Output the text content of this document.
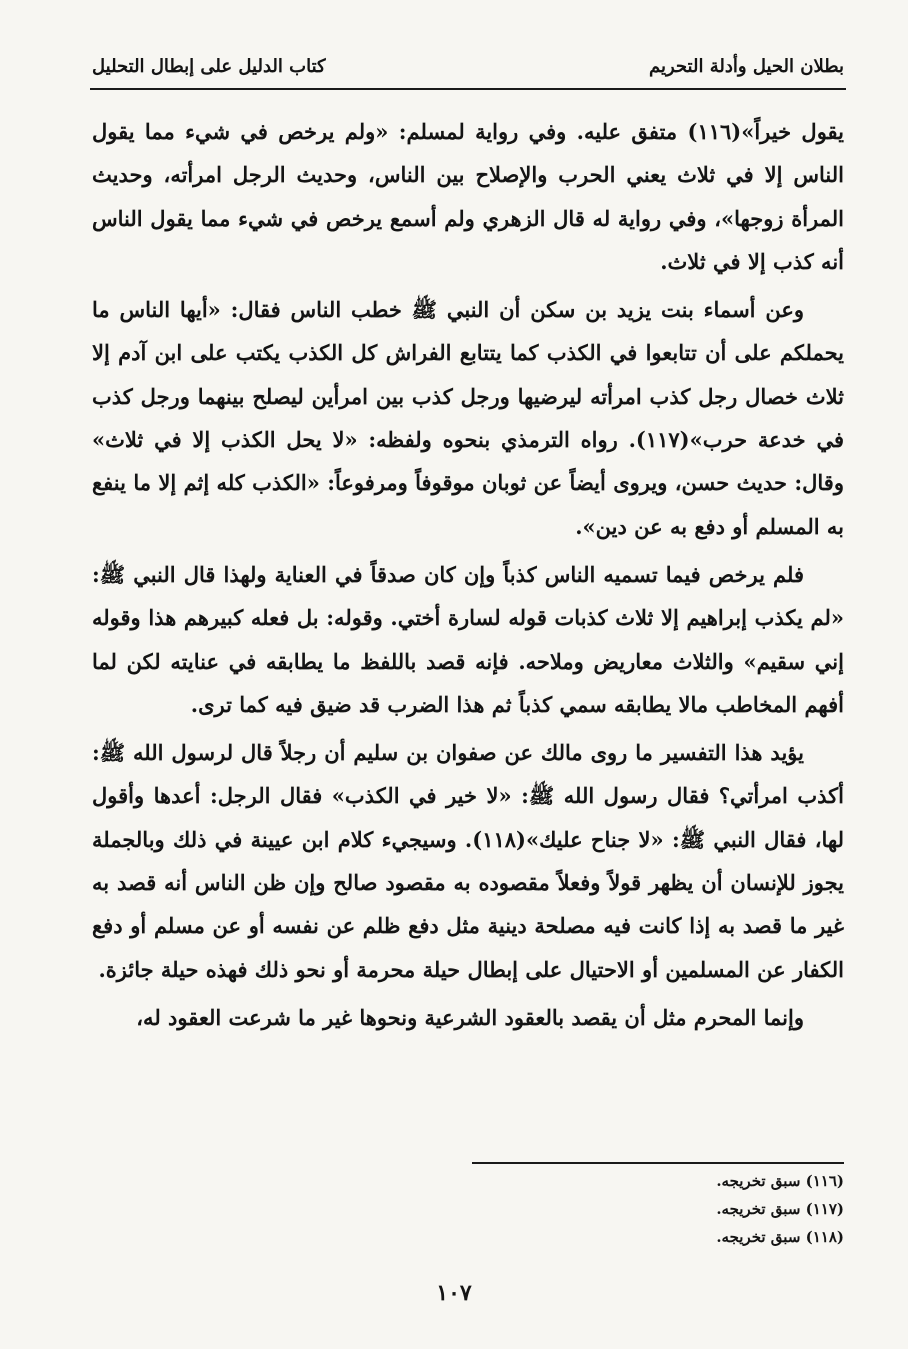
بطلان الحيل وأدلة التحريم
كتاب الدليل على إبطال التحليل

يقول خيراً»(١١٦) متفق عليه. وفي رواية لمسلم: «ولم يرخص في شيء مما يقول الناس إلا في ثلاث يعني الحرب والإصلاح بين الناس، وحديث الرجل امرأته، وحديث المرأة زوجها»، وفي رواية له قال الزهري ولم أسمع يرخص في شيء مما يقول الناس أنه كذب إلا في ثلاث.

وعن أسماء بنت يزيد بن سكن أن النبي ﷺ خطب الناس فقال: «أيها الناس ما يحملكم على أن تتابعوا في الكذب كما يتتابع الفراش كل الكذب يكتب على ابن آدم إلا ثلاث خصال رجل كذب امرأته ليرضيها ورجل كذب بين امرأين ليصلح بينهما ورجل كذب في خدعة حرب»(١١٧). رواه الترمذي بنحوه ولفظه: «لا يحل الكذب إلا في ثلاث» وقال: حديث حسن، ويروى أيضاً عن ثوبان موقوفاً ومرفوعاً: «الكذب كله إثم إلا ما ينفع به المسلم أو دفع به عن دين».

فلم يرخص فيما تسميه الناس كذباً وإن كان صدقاً في العناية ولهذا قال النبي ﷺ: «لم يكذب إبراهيم إلا ثلاث كذبات قوله لسارة أختي. وقوله: بل فعله كبيرهم هذا وقوله إني سقيم» والثلاث معاريض وملاحه. فإنه قصد باللفظ ما يطابقه في عنايته لكن لما أفهم المخاطب مالا يطابقه سمي كذباً ثم هذا الضرب قد ضيق فيه كما ترى.

يؤيد هذا التفسير ما روى مالك عن صفوان بن سليم أن رجلاً قال لرسول الله ﷺ: أكذب امرأتي؟ فقال رسول الله ﷺ: «لا خير في الكذب» فقال الرجل: أعدها وأقول لها، فقال النبي ﷺ: «لا جناح عليك»(١١٨). وسيجيء كلام ابن عيينة في ذلك وبالجملة يجوز للإنسان أن يظهر قولاً وفعلاً مقصوده به مقصود صالح وإن ظن الناس أنه قصد به غير ما قصد به إذا كانت فيه مصلحة دينية مثل دفع ظلم عن نفسه أو عن مسلم أو دفع الكفار عن المسلمين أو الاحتيال على إبطال حيلة محرمة أو نحو ذلك فهذه حيلة جائزة.

وإنما المحرم مثل أن يقصد بالعقود الشرعية ونحوها غير ما شرعت العقود له،

(١١٦) سبق تخريجه.
(١١٧) سبق تخريجه.
(١١٨) سبق تخريجه.
١٠٧
